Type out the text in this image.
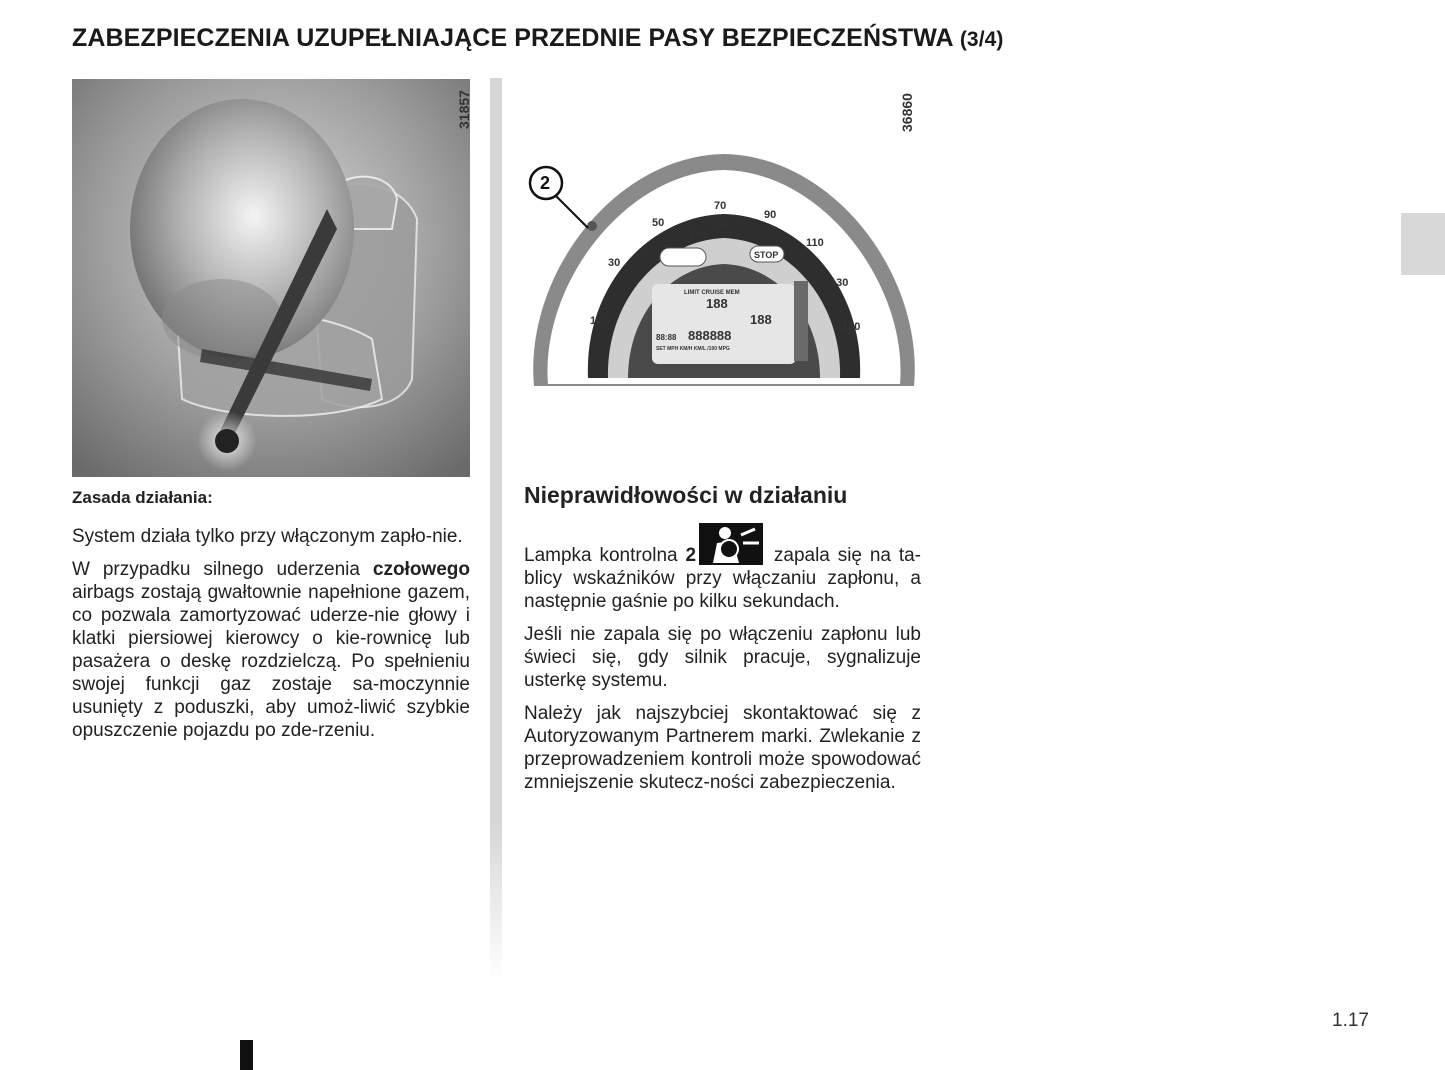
ZABEZPIECZENIA UZUPEŁNIAJĄCE PRZEDNIE PASY BEZPIECZEŃSTWA (3/4)
31857
10
30
50
70
90
110
130
150
ECO
STOP
km/h
LIMIT CRUISE MEM
188
188
888888
88:88
SET MPH KM/H KM/L /100 MPG
2
36860
Zasada działania:

System działa tylko przy włączonym zapło-nie.

W przypadku silnego uderzenia czołowego airbags zostają gwałtownie napełnione gazem, co pozwala zamortyzować uderze-nie głowy i klatki piersiowej kierowcy o kie-rownicę lub pasażera o deskę rozdzielczą. Po spełnieniu swojej funkcji gaz zostaje sa-moczynnie usunięty z poduszki, aby umoż-liwić szybkie opuszczenie pojazdu po zde-rzeniu.

Nieprawidłowości w działaniu

Lampka kontrolna 2	zapala się na ta-blicy wskaźników przy włączaniu zapłonu, a następnie gaśnie po kilku sekundach.

Jeśli nie zapala się po włączeniu zapłonu lub świeci się, gdy silnik pracuje, sygnalizuje usterkę systemu.

Należy jak najszybciej skontaktować się z Autoryzowanym Partnerem marki. Zwlekanie z przeprowadzeniem kontroli może spowodować zmniejszenie skutecz-ności zabezpieczenia.

1.17
